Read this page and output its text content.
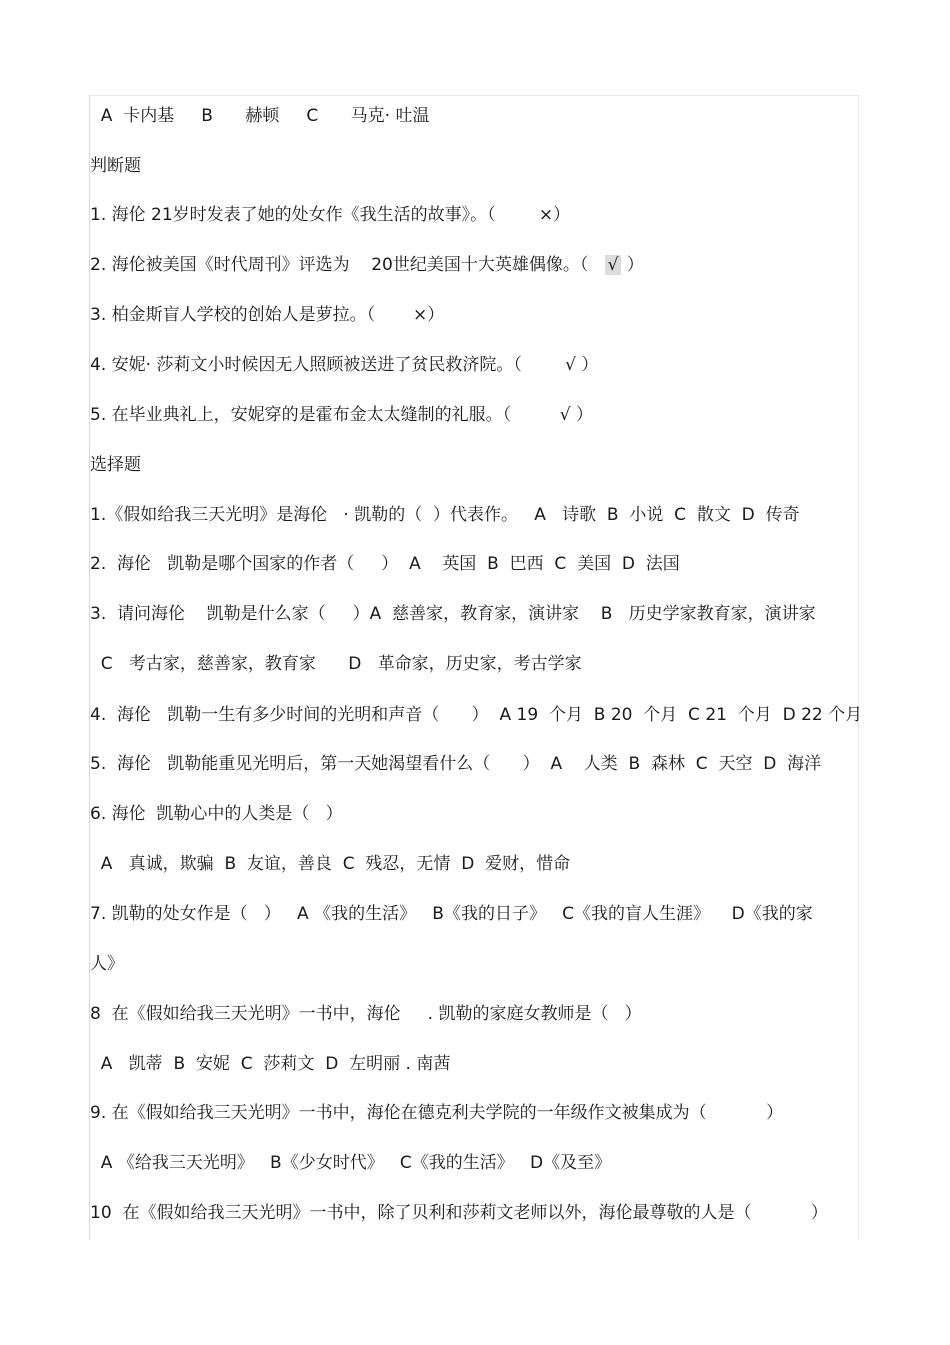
A  卡内基     B      赫顿     C      马克· 吐温
判断题
1. 海伦 21岁时发表了她的处女作《我生活的故事》。（        ×）
2. 海伦被美国《时代周刊》评选为    20世纪美国十大英雄偶像。（   √ ）
3. 柏金斯盲人学校的创始人是萝拉。（       ×）
4. 安妮· 莎莉文小时候因无人照顾被送进了贫民救济院。（        √ ）
5. 在毕业典礼上，安妮穿的是霍布金太太缝制的礼服。（         √ ）
选择题
1.《假如给我三天光明》是海伦   · 凯勒的（  ）代表作。   A   诗歌  B  小说  C  散文  D  传奇
2.  海伦   凯勒是哪个国家的作者（     ）  A    英国  B  巴西  C  美国  D  法国
3.  请问海伦    凯勒是什么家（     ）A  慈善家，教育家，演讲家    B   历史学家教育家，演讲家
C   考古家，慈善家，教育家      D   革命家，历史家，考古学家
4.  海伦   凯勒一生有多少时间的光明和声音（      ）  A 19  个月  B 20  个月  C 21  个月  D 22 个月
5.  海伦   凯勒能重见光明后，第一天她渴望看什么（      ）  A    人类  B  森林  C  天空  D  海洋
6. 海伦  凯勒心中的人类是（   ）
A   真诚，欺骗  B  友谊，善良  C  残忍，无情  D  爱财，惜命
7. 凯勒的处女作是（   ）   A 《我的生活》   B《我的日子》   C《我的盲人生涯》    D《我的家
人》
8  在《假如给我三天光明》一书中，海伦     . 凯勒的家庭女教师是（   ）
A   凯蒂  B  安妮  C  莎莉文  D  左明丽 . 南茜
9. 在《假如给我三天光明》一书中，海伦在德克利夫学院的一年级作文被集成为（           ）
A 《给我三天光明》   B《少女时代》   C《我的生活》   D《及至》
10  在《假如给我三天光明》一书中，除了贝利和莎莉文老师以外，海伦最尊敬的人是（           ）
